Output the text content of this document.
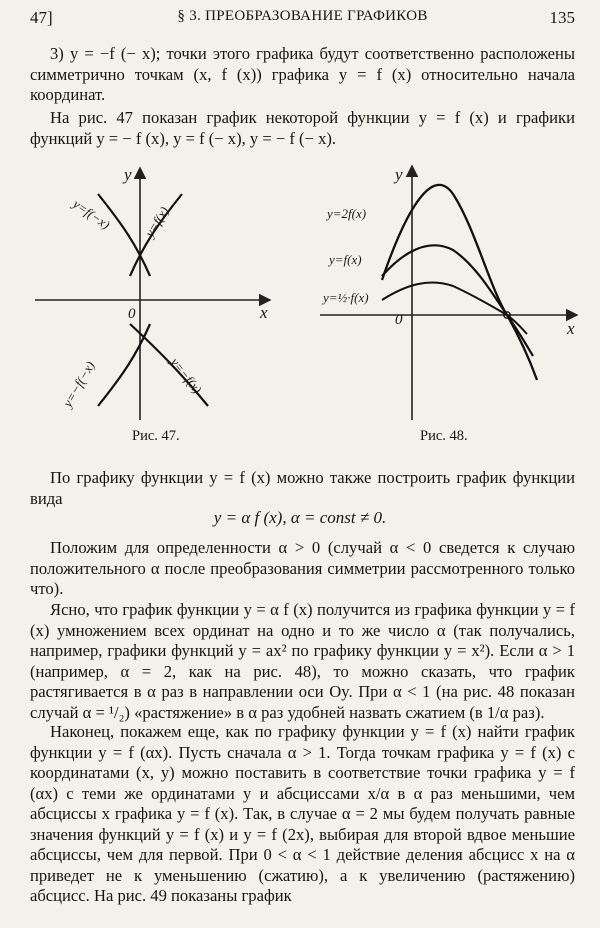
47]	§ 3. ПРЕОБРАЗОВАНИЕ ГРАФИКОВ	135
3) y = −f (− x); точки этого графика будут соответственно расположены симметрично точкам (x, f (x)) графика y = f (x) относительно начала координат.
На рис. 47 показан график некоторой функции y = f (x) и графики функций y = − f (x), y = f (− x), y = − f (− x).
y
x
0
y=f(−x) y=f(x)
y=−f(−x)	y=−f(x)
Рис. 47.
y
x
0
y=2f(x)
y=f(x)
y=½·f(x)
Рис. 48.
По графику функции y = f (x) можно также построить график функции вида
y = α f (x), α = const ≠ 0.
Положим для определенности α > 0 (случай α < 0 сведется к случаю положительного α после преобразования симметрии рассмотренного только что).
Ясно, что график функции y = α f (x) получится из графика функции y = f (x) умножением всех ординат на одно и то же число α (так получались, например, графики функций y = ax² по графику функции y = x²). Если α > 1 (например, α = 2, как на рис. 48), то можно сказать, что график растягивается в α раз в направлении оси Oy. При α < 1 (на рис. 48 показан случай α = ¹/₂) «растяжение» в α раз удобней назвать сжатием (в 1/α раз).
Наконец, покажем еще, как по графику функции y = f (x) найти график функции y = f (αx). Пусть сначала α > 1. Тогда точкам графика y = f (x) с координатами (x, y) можно поставить в соответствие точки графика y = f (αx) с теми же ординатами y и абсциссами x/α в α раз меньшими, чем абсциссы x графика y = f (x). Так, в случае α = 2 мы будем получать равные значения функций y = f (x) и y = f (2x), выбирая для второй вдвое меньшие абсциссы, чем для первой. При 0 < α < 1 действие деления абсцисс x на α приведет не к уменьшению (сжатию), а к увеличению (растяжению) абсцисс. На рис. 49 показаны график
